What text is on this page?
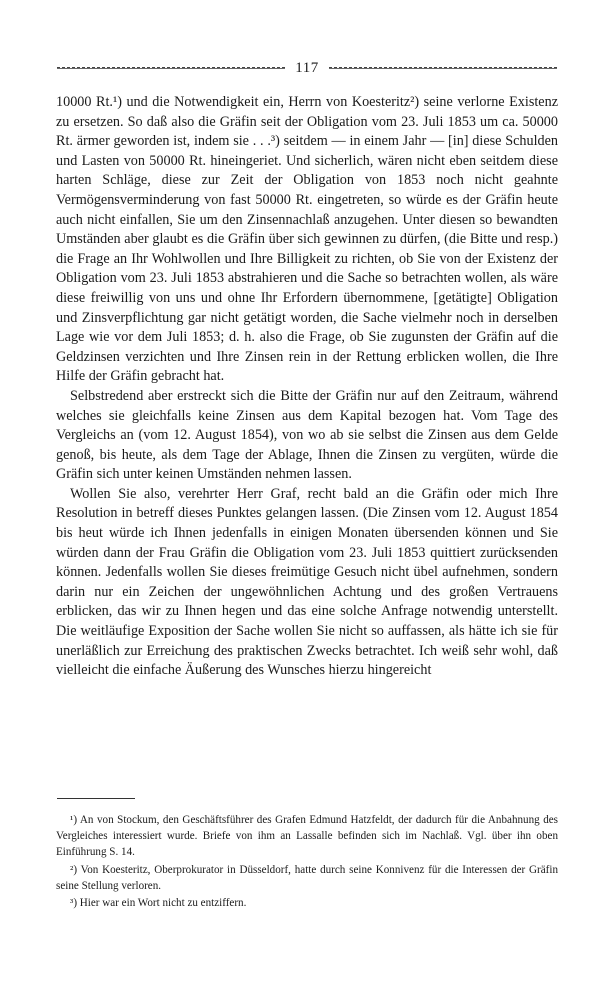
117

10000 Rt.¹) und die Notwendigkeit ein, Herrn von Koesteritz²) seine verlorne Existenz zu ersetzen. So daß also die Gräfin seit der Obligation vom 23. Juli 1853 um ca. 50000 Rt. ärmer geworden ist, indem sie . . .³) seitdem — in einem Jahr — [in] diese Schulden und Lasten von 50000 Rt. hineingeriet. Und sicherlich, wären nicht eben seitdem diese harten Schläge, diese zur Zeit der Obligation von 1853 noch nicht geahnte Vermögensverminderung von fast 50000 Rt. eingetreten, so würde es der Gräfin heute auch nicht einfallen, Sie um den Zinsennachlaß anzugehen. Unter diesen so bewandten Umständen aber glaubt es die Gräfin über sich gewinnen zu dürfen, (die Bitte und resp.) die Frage an Ihr Wohlwollen und Ihre Billigkeit zu richten, ob Sie von der Existenz der Obligation vom 23. Juli 1853 abstrahieren und die Sache so betrachten wollen, als wäre diese freiwillig von uns und ohne Ihr Erfordern übernommene, [getätigte] Obligation und Zinsverpflichtung gar nicht getätigt worden, die Sache vielmehr noch in derselben Lage wie vor dem Juli 1853; d. h. also die Frage, ob Sie zugunsten der Gräfin auf die Geldzinsen verzichten und Ihre Zinsen rein in der Rettung erblicken wollen, die Ihre Hilfe der Gräfin gebracht hat.

Selbstredend aber erstreckt sich die Bitte der Gräfin nur auf den Zeitraum, während welches sie gleichfalls keine Zinsen aus dem Kapital bezogen hat. Vom Tage des Vergleichs an (vom 12. August 1854), von wo ab sie selbst die Zinsen aus dem Gelde genoß, bis heute, als dem Tage der Ablage, Ihnen die Zinsen zu vergüten, würde die Gräfin sich unter keinen Umständen nehmen lassen.

Wollen Sie also, verehrter Herr Graf, recht bald an die Gräfin oder mich Ihre Resolution in betreff dieses Punktes gelangen lassen. (Die Zinsen vom 12. August 1854 bis heut würde ich Ihnen jedenfalls in einigen Monaten übersenden können und Sie würden dann der Frau Gräfin die Obligation vom 23. Juli 1853 quittiert zurücksenden können. Jedenfalls wollen Sie dieses freimütige Gesuch nicht übel aufnehmen, sondern darin nur ein Zeichen der ungewöhnlichen Achtung und des großen Vertrauens erblicken, das wir zu Ihnen hegen und das eine solche Anfrage notwendig unterstellt. Die weitläufige Exposition der Sache wollen Sie nicht so auffassen, als hätte ich sie für unerläßlich zur Erreichung des praktischen Zwecks betrachtet. Ich weiß sehr wohl, daß vielleicht die einfache Äußerung des Wunsches hierzu hingereicht

¹) An von Stockum, den Geschäftsführer des Grafen Edmund Hatzfeldt, der dadurch für die Anbahnung des Vergleiches interessiert wurde. Briefe von ihm an Lassalle befinden sich im Nachlaß. Vgl. über ihn oben Einführung S. 14.

²) Von Koesteritz, Oberprokurator in Düsseldorf, hatte durch seine Konnivenz für die Interessen der Gräfin seine Stellung verloren.

³) Hier war ein Wort nicht zu entziffern.
